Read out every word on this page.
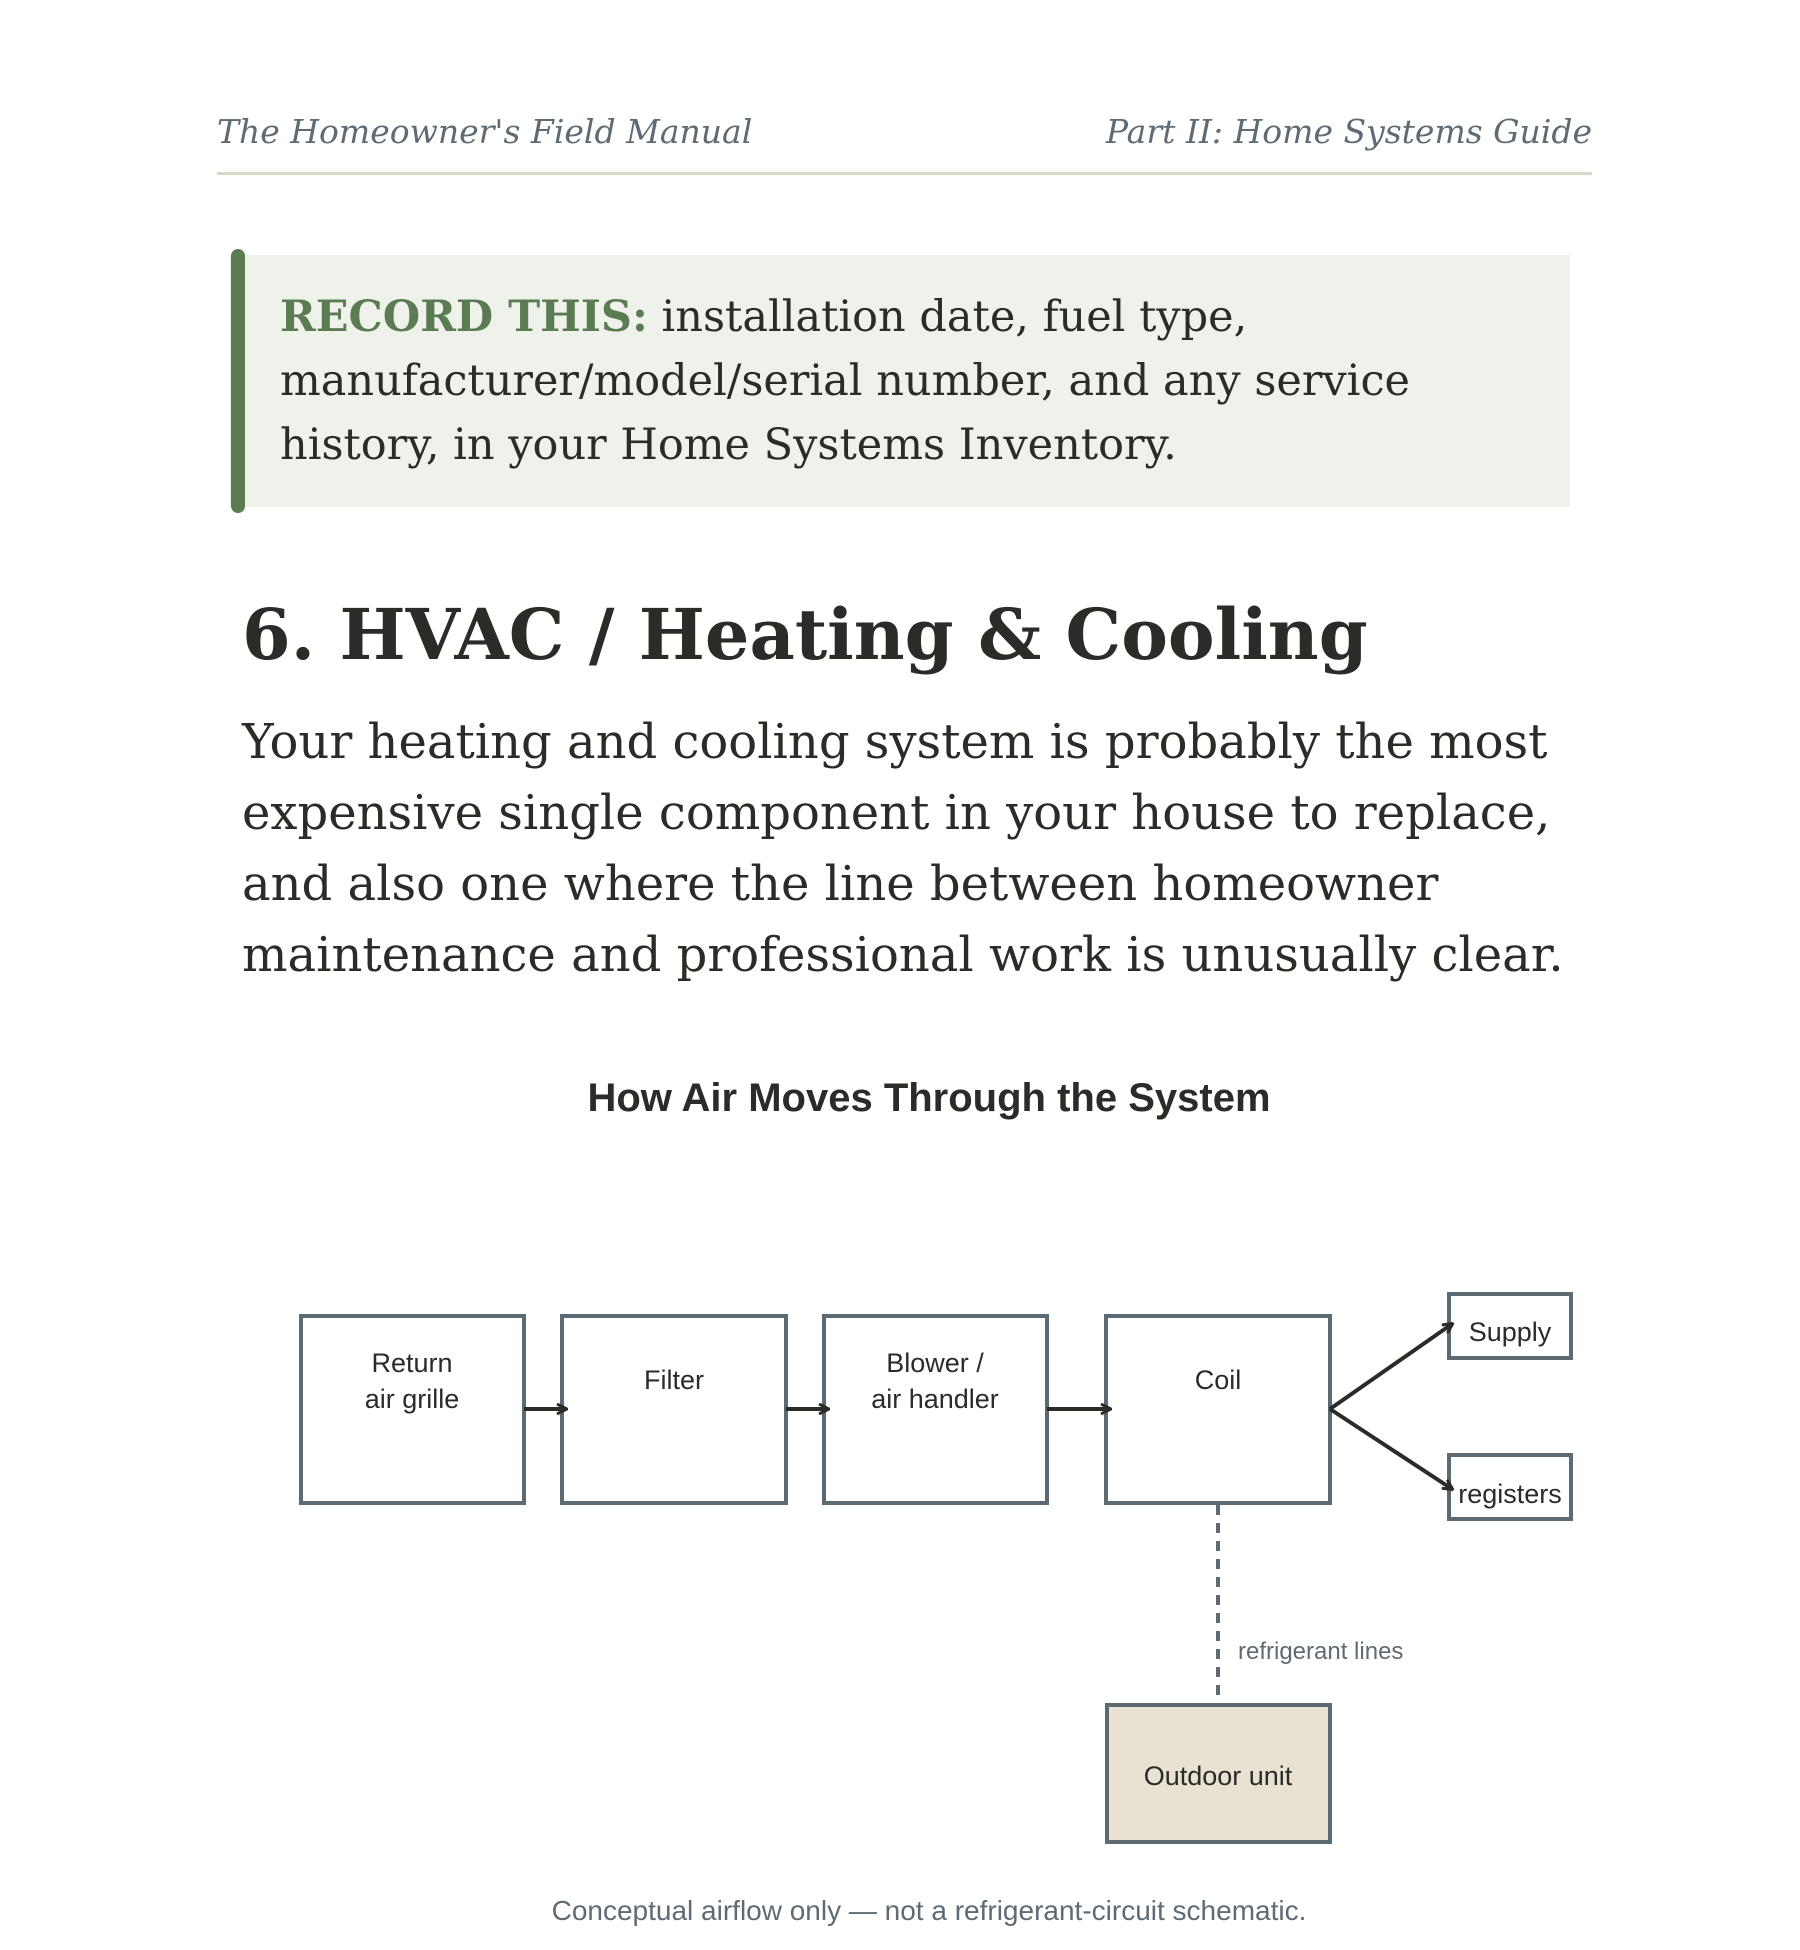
The Homeowner's Field Manual	Part II: Home Systems Guide
RECORD THIS: installation date, fuel type, manufacturer/model/serial number, and any service history, in your Home Systems Inventory.
6. HVAC / Heating & Cooling

Your heating and cooling system is probably the most expensive single component in your house to replace, and also one where the line between homeowner maintenance and professional work is unusually clear.

How Air Moves Through the System
Return
air grille
Filter
Blower /
air handler
Coil
Supply
registers
Outdoor unit
refrigerant lines
Conceptual airflow only — not a refrigerant-circuit schematic.
